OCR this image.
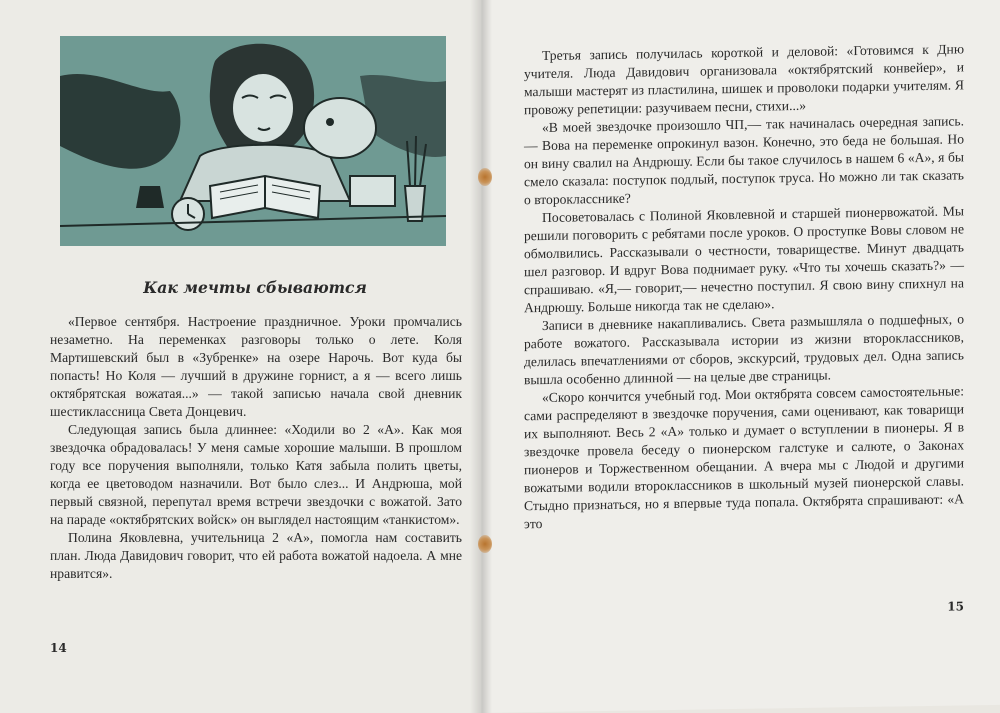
Как мечты сбываются

«Первое сентября. Настроение праздничное. Уроки промчались незаметно. На переменках разговоры только о лете. Коля Мартишевский был в «Зубренке» на озере Нарочь. Вот куда бы попасть! Но Коля — лучший в дружине горнист, а я — всего лишь октябрятская вожатая...» — такой записью начала свой дневник шестиклассница Света Донцевич.

Следующая запись была длиннее: «Ходили во 2 «А». Как моя звездочка обрадовалась! У меня самые хорошие малыши. В прошлом году все поручения выполняли, только Катя забыла полить цветы, когда ее цветоводом назначили. Вот было слез... И Андрюша, мой первый связной, перепутал время встречи звездочки с вожатой. Зато на параде «октябрятских войск» он выглядел настоящим «танкистом».

Полина Яковлевна, учительница 2 «А», помогла нам составить план. Люда Давидович говорит, что ей работа вожатой надоела. А мне нравится».

14

Третья запись получилась короткой и деловой: «Готовимся к Дню учителя. Люда Давидович организовала «октябрятский конвейер», и малыши мастерят из пластилина, шишек и проволоки подарки учителям. Я провожу репетиции: разучиваем песни, стихи...»

«В моей звездочке произошло ЧП,— так начиналась очередная запись.— Вова на переменке опрокинул вазон. Конечно, это беда не большая. Но он вину свалил на Андрюшу. Если бы такое случилось в нашем 6 «А», я бы смело сказала: поступок подлый, поступок труса. Но можно ли так сказать о второкласснике?

Посоветовалась с Полиной Яковлевной и старшей пионервожатой. Мы решили поговорить с ребятами после уроков. О проступке Вовы словом не обмолвились. Рассказывали о честности, товариществе. Минут двадцать шел разговор. И вдруг Вова поднимает руку. «Что ты хочешь сказать?» — спрашиваю. «Я,— говорит,— нечестно поступил. Я свою вину спихнул на Андрюшу. Больше никогда так не сделаю».

Записи в дневнике накапливались. Света размышляла о подшефных, о работе вожатого. Рассказывала истории из жизни второклассников, делилась впечатлениями от сборов, экскурсий, трудовых дел. Одна запись вышла особенно длинной — на целые две страницы.

«Скоро кончится учебный год. Мои октябрята совсем самостоятельные: сами распределяют в звездочке поручения, сами оценивают, как товарищи их выполняют. Весь 2 «А» только и думает о вступлении в пионеры. Я в звездочке провела беседу о пионерском галстуке и салюте, о Законах пионеров и Торжественном обещании. А вчера мы с Людой и другими вожатыми водили второклассников в школьный музей пионерской славы. Стыдно признаться, но я впервые туда попала. Октябрята спрашивают: «А это

15
